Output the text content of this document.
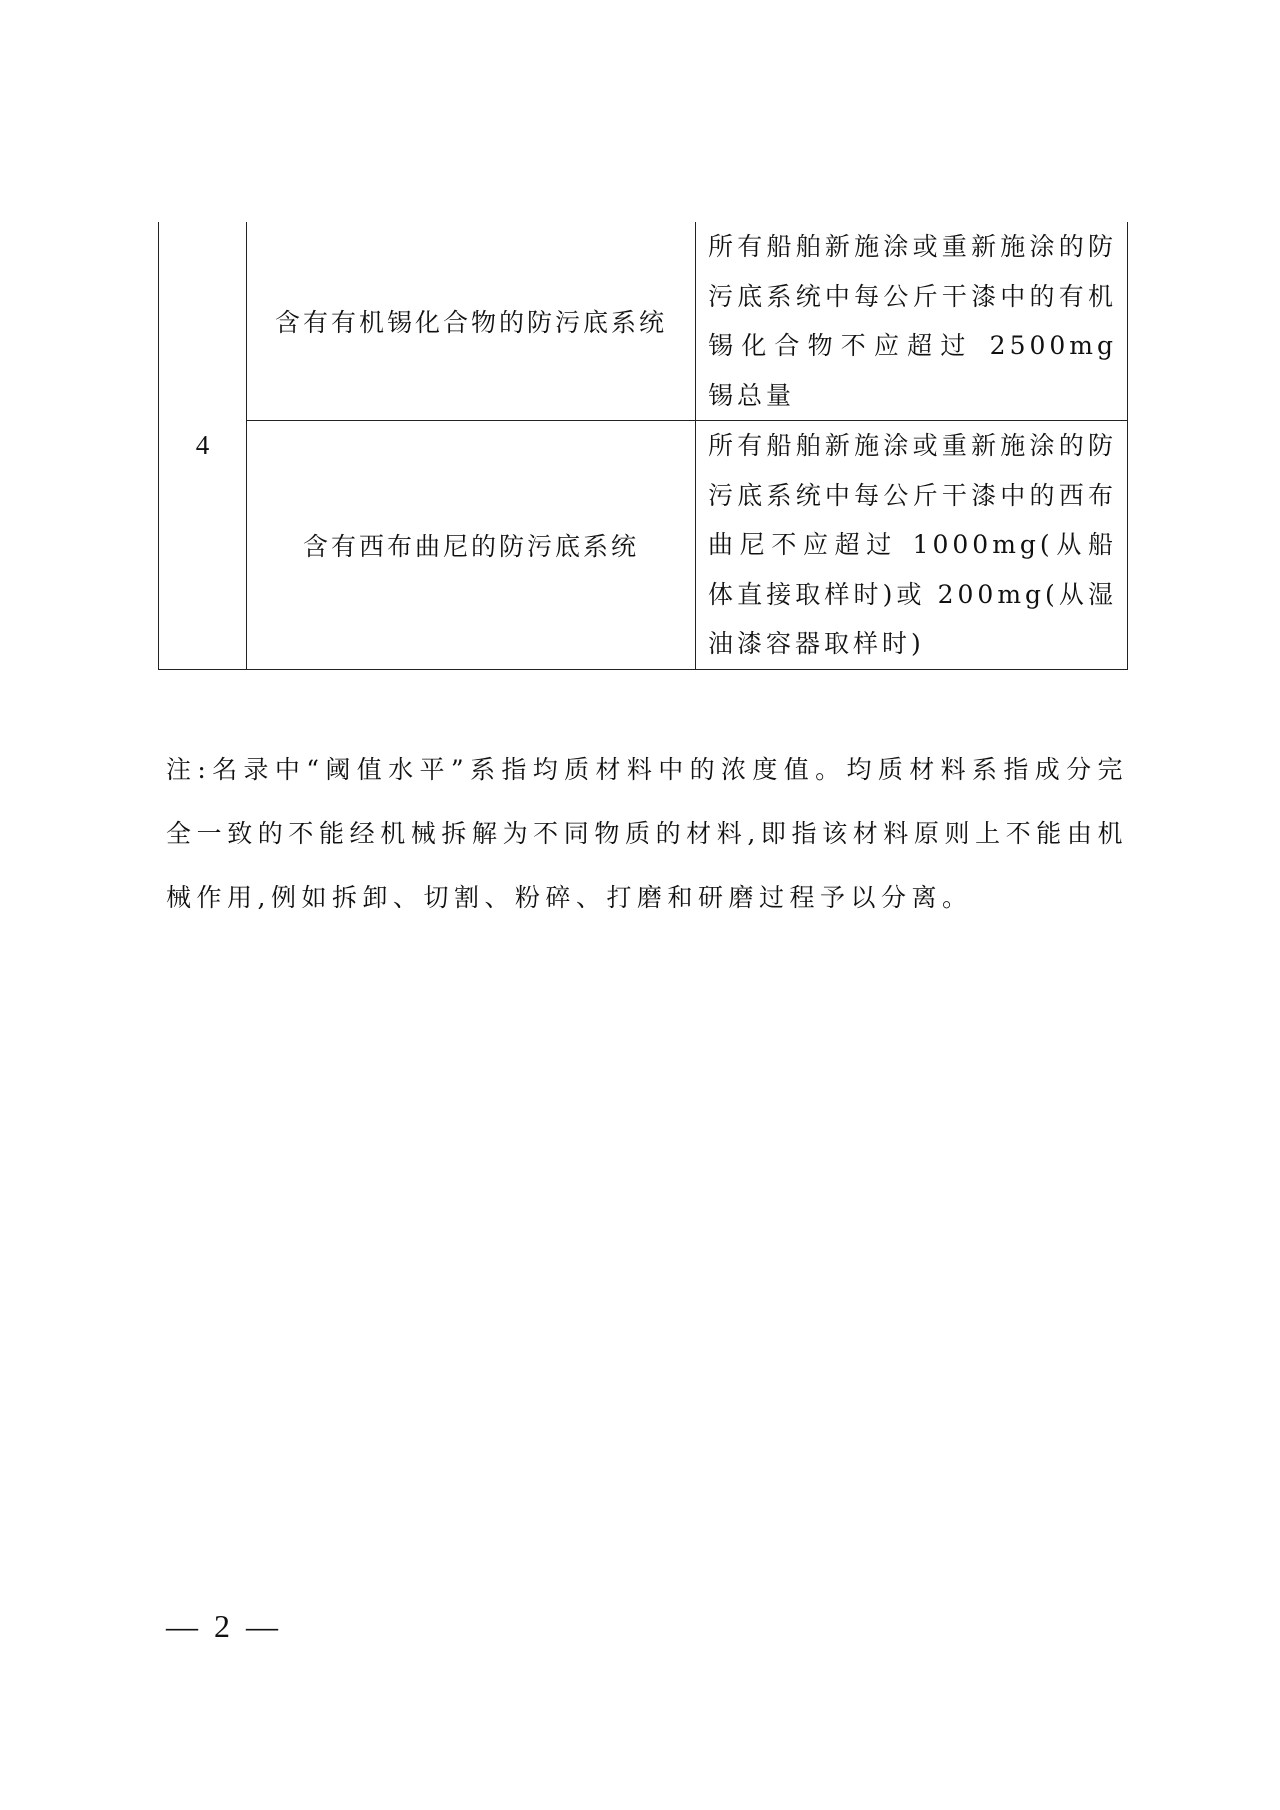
4	含有有机锡化合物的防污底系统	所有船舶新施涂或重新施涂的防污底系统中每公斤干漆中的有机锡化合物不应超过 2500mg 锡总量
	含有西布曲尼的防污底系统	所有船舶新施涂或重新施涂的防污底系统中每公斤干漆中的西布曲尼不应超过 1000mg(从船体直接取样时)或 200mg(从湿油漆容器取样时)

注:名录中“阈值水平”系指均质材料中的浓度值。均质材料系指成分完全一致的不能经机械拆解为不同物质的材料,即指该材料原则上不能由机械作用,例如拆卸、切割、粉碎、打磨和研磨过程予以分离。

— 2 —
